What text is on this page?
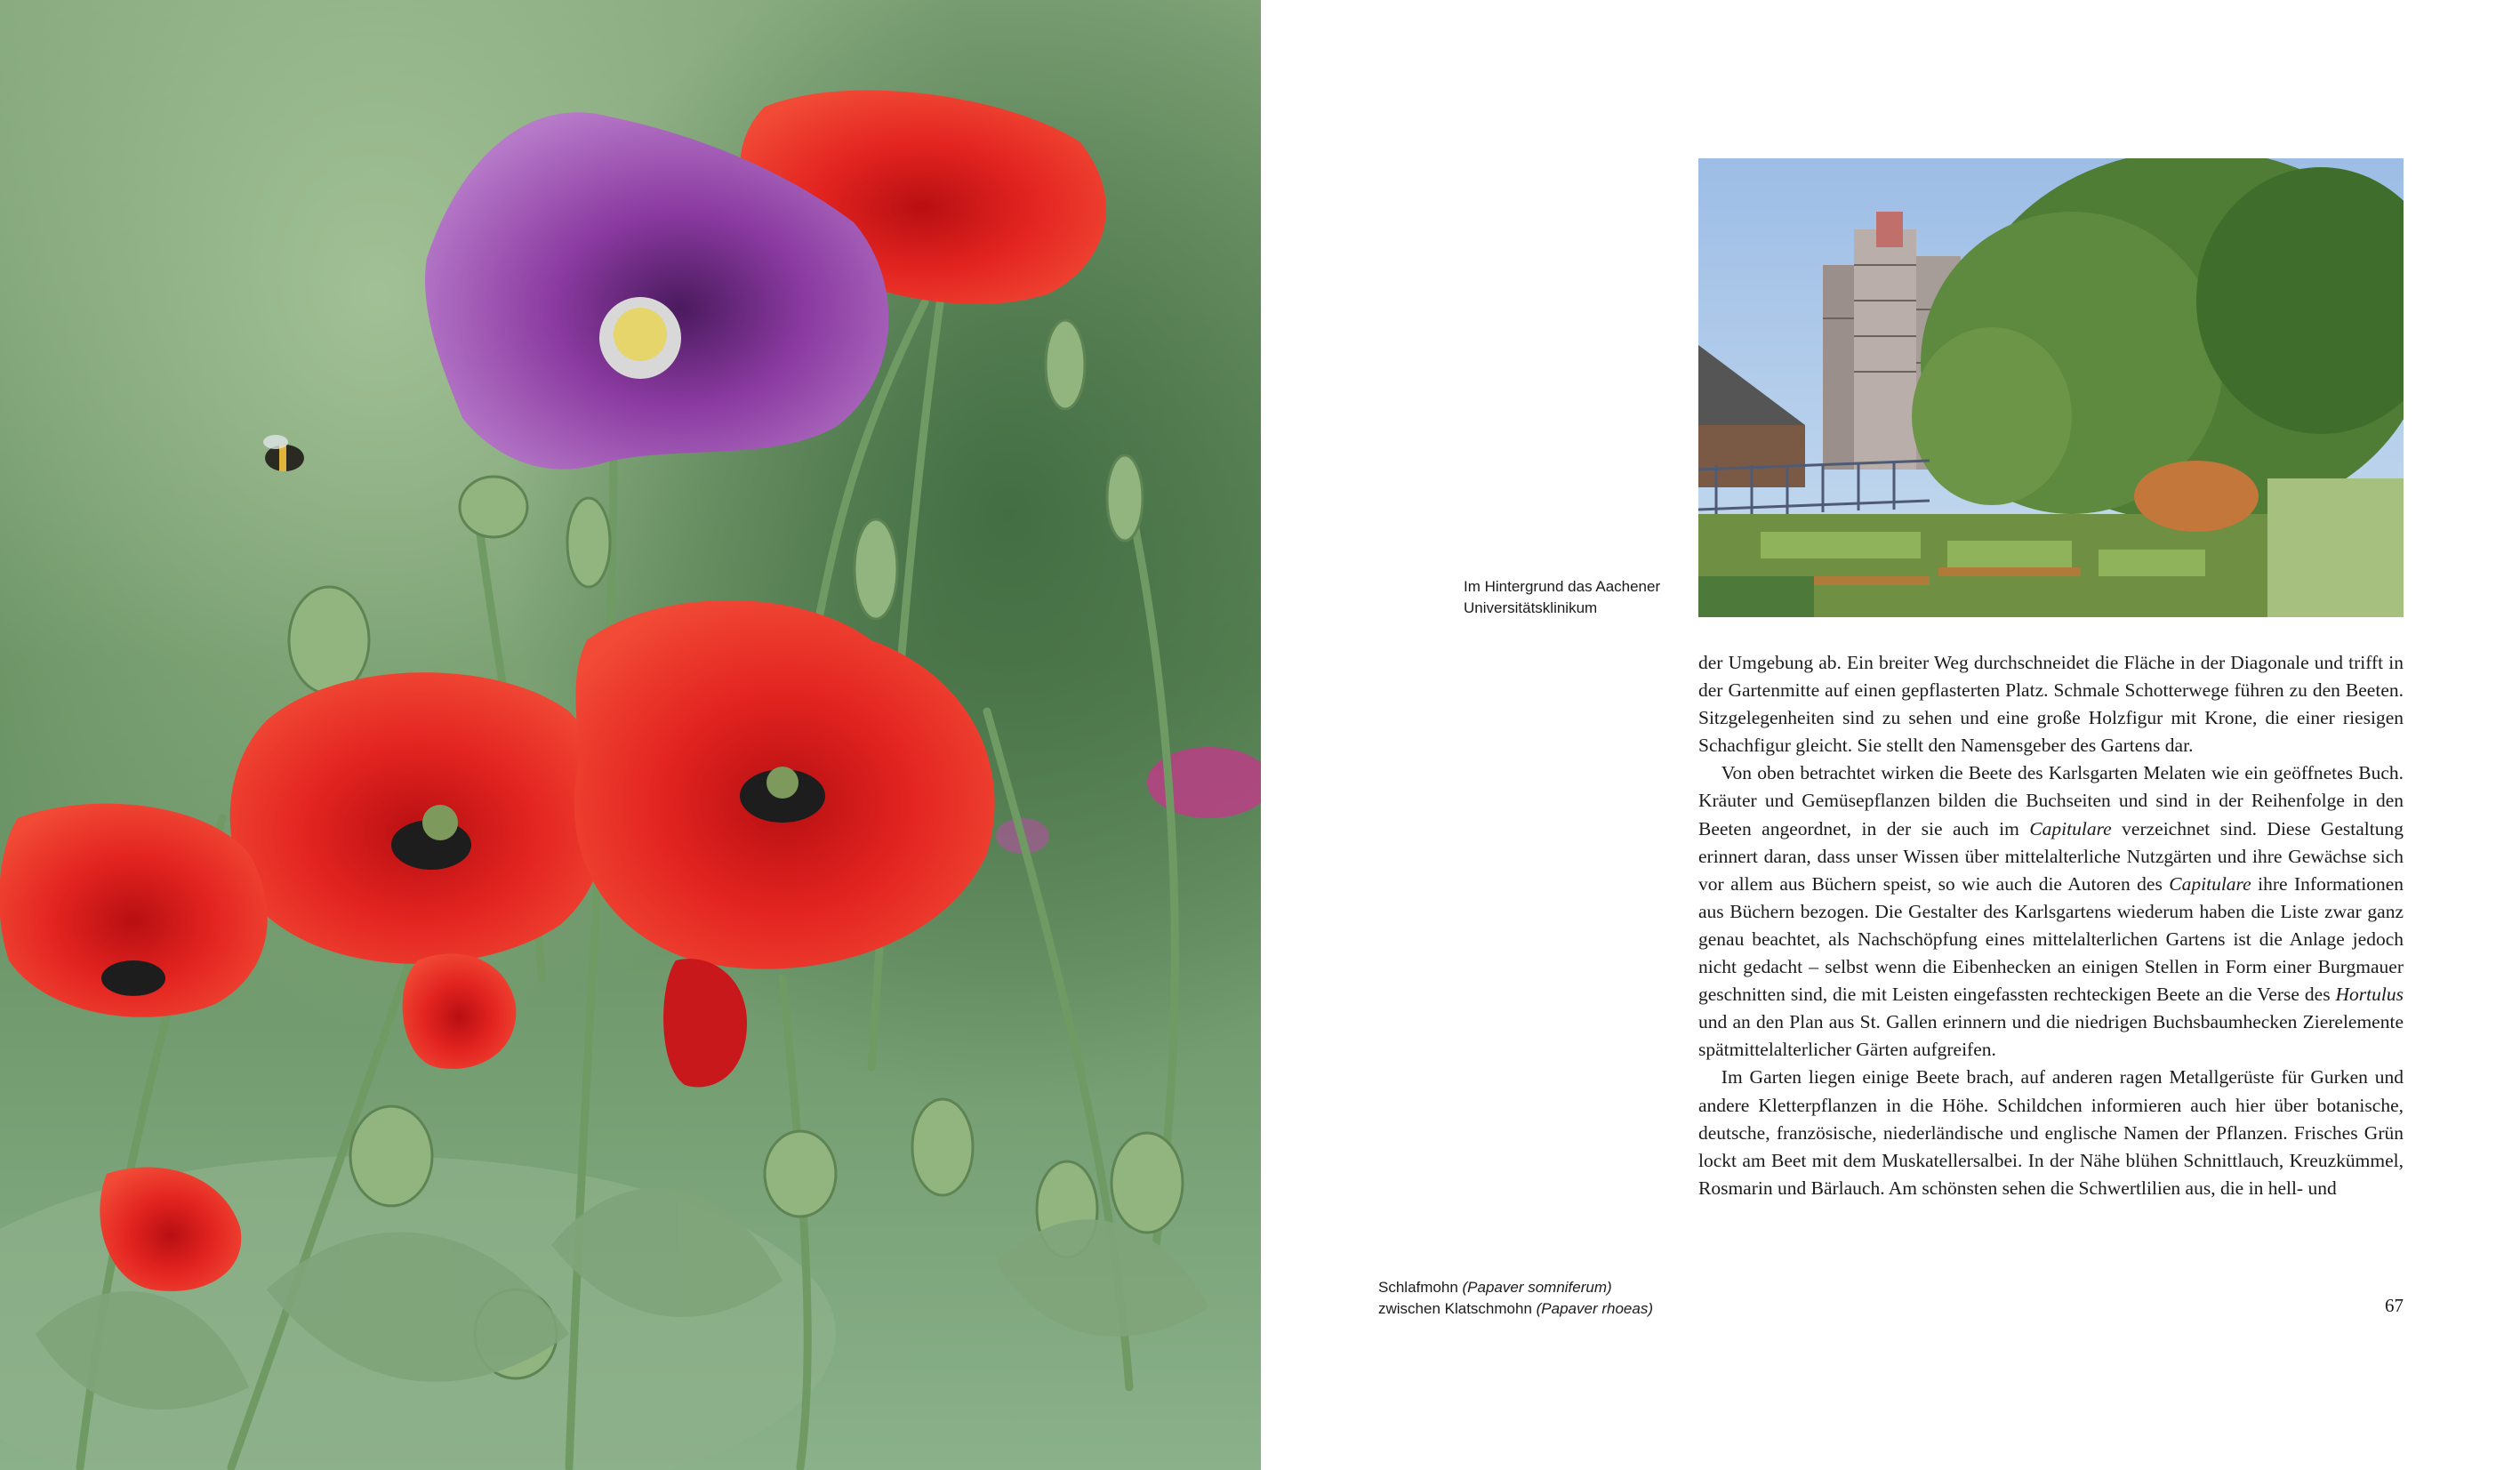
Im Hintergrund das Aachener
Universitätsklinikum

der Umgebung ab. Ein breiter Weg durchschneidet die Fläche in der Diagonale und trifft in der Gartenmitte auf einen gepflasterten Platz. Schmale Schotterwege führen zu den Beeten. Sitzgelegenheiten sind zu sehen und eine große Holzfigur mit Krone, die einer riesigen Schachfigur gleicht. Sie stellt den Namensgeber des Gartens dar.

Von oben betrachtet wirken die Beete des Karlsgarten Melaten wie ein geöffnetes Buch. Kräuter und Gemüsepflanzen bilden die Buchseiten und sind in der Reihenfolge in den Beeten angeordnet, in der sie auch im Capitulare verzeichnet sind. Diese Gestaltung erinnert daran, dass unser Wissen über mittelalterliche Nutzgärten und ihre Gewächse sich vor allem aus Büchern speist, so wie auch die Autoren des Capitulare ihre Informationen aus Büchern bezogen. Die Gestalter des Karlsgartens wiederum haben die Liste zwar ganz genau beachtet, als Nachschöpfung eines mittelalterlichen Gartens ist die Anlage jedoch nicht gedacht – selbst wenn die Eibenhecken an einigen Stellen in Form einer Burgmauer geschnitten sind, die mit Leisten eingefassten rechteckigen Beete an die Verse des Hortulus und an den Plan aus St. Gallen erinnern und die niedrigen Buchsbaumhecken Zierelemente spätmittelalterlicher Gärten aufgreifen.

Im Garten liegen einige Beete brach, auf anderen ragen Metallgerüste für Gurken und andere Kletterpflanzen in die Höhe. Schildchen informieren auch hier über botanische, deutsche, französische, niederländische und englische Namen der Pflanzen. Frisches Grün lockt am Beet mit dem Muskatellersalbei. In der Nähe blühen Schnittlauch, Kreuzkümmel, Rosmarin und Bärlauch. Am schönsten sehen die Schwertlilien aus, die in hell- und

Schlafmohn (Papaver somniferum)
zwischen Klatschmohn (Papaver rhoeas)	67
